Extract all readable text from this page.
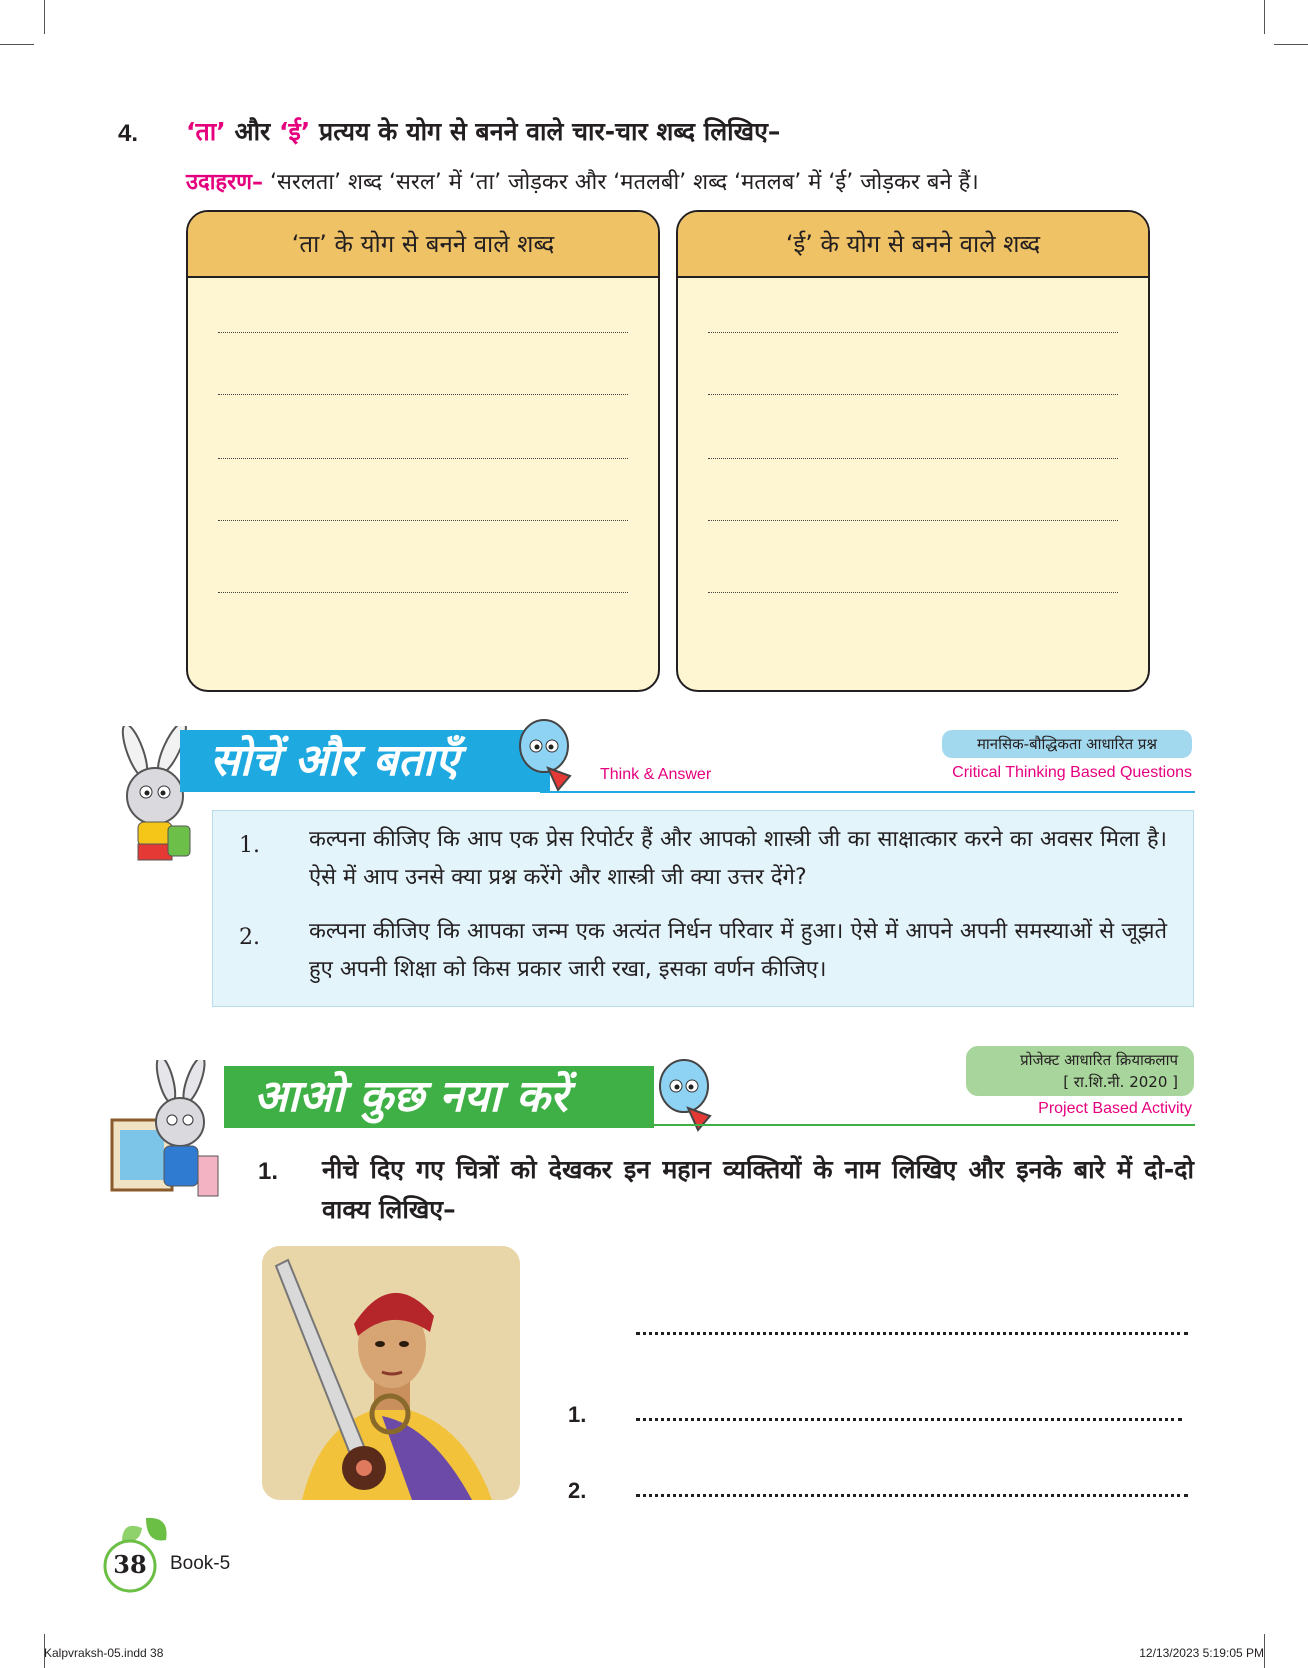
4. ‘ता’ और ‘ई’ प्रत्यय के योग से बनने वाले चार-चार शब्द लिखिए–
उदाहरण– ‘सरलता’ शब्द ‘सरल’ में ‘ता’ जोड़कर और ‘मतलबी’ शब्द ‘मतलब’ में ‘ई’ जोड़कर बने हैं।
‘ता’ के योग से बनने वाले शब्द	‘ई’ के योग से बनने वाले शब्द
सोचें और बताएँ	Think & Answer
मानसिक-बौद्धिकता आधारित प्रश्न
Critical Thinking Based Questions
1. कल्पना कीजिए कि आप एक प्रेस रिपोर्टर हैं और आपको शास्त्री जी का साक्षात्कार करने का अवसर मिला है। ऐसे में आप उनसे क्या प्रश्न करेंगे और शास्त्री जी क्या उत्तर देंगे?
2. कल्पना कीजिए कि आपका जन्म एक अत्यंत निर्धन परिवार में हुआ। ऐसे में आपने अपनी समस्याओं से जूझते हुए अपनी शिक्षा को किस प्रकार जारी रखा, इसका वर्णन कीजिए।
आओ कुछ नया करें
प्रोजेक्ट आधारित क्रियाकलाप
[ रा.शि.नी. 2020 ]
Project Based Activity
1. नीचे दिए गए चित्रों को देखकर इन महान व्यक्तियों के नाम लिखिए और इनके बारे में दो-दो वाक्य लिखिए–
1.
2.
38 Book-5
Kalpvraksh-05.indd 38	12/13/2023 5:19:05 PM
